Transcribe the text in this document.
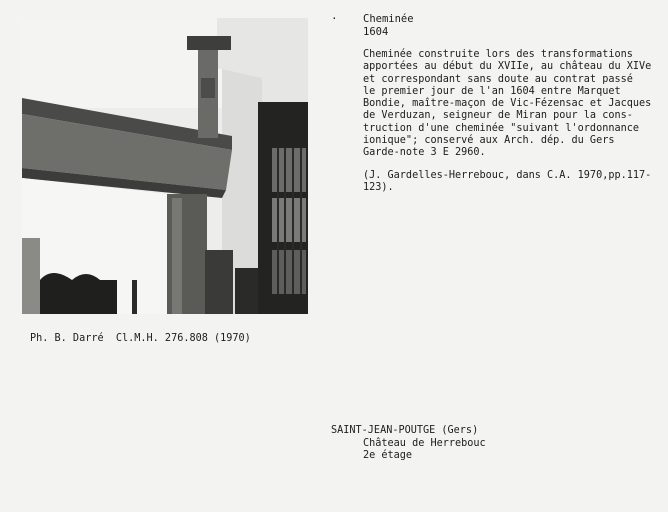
· Cheminée
1604
Cheminée construite lors des transformations
apportées au début du XVIIe, au château du XIVe
et correspondant sans doute au contrat passé
le premier jour de l'an 1604 entre Marquet
Bondie, maître-maçon de Vic-Fézensac et Jacques
de Verduzan, seigneur de Miran pour la cons-
truction d'une cheminée "suivant l'ordonnance
ionique"; conservé aux Arch. dép. du Gers
Garde-note 3 E 2960.
(J. Gardelles-Herrebouc, dans C.A. 1970,pp.117-
123).
Ph. B. Darré  Cl.M.H. 276.808 (1970)
SAINT-JEAN-POUTGE (Gers)
Château de Herrebouc
2e étage
